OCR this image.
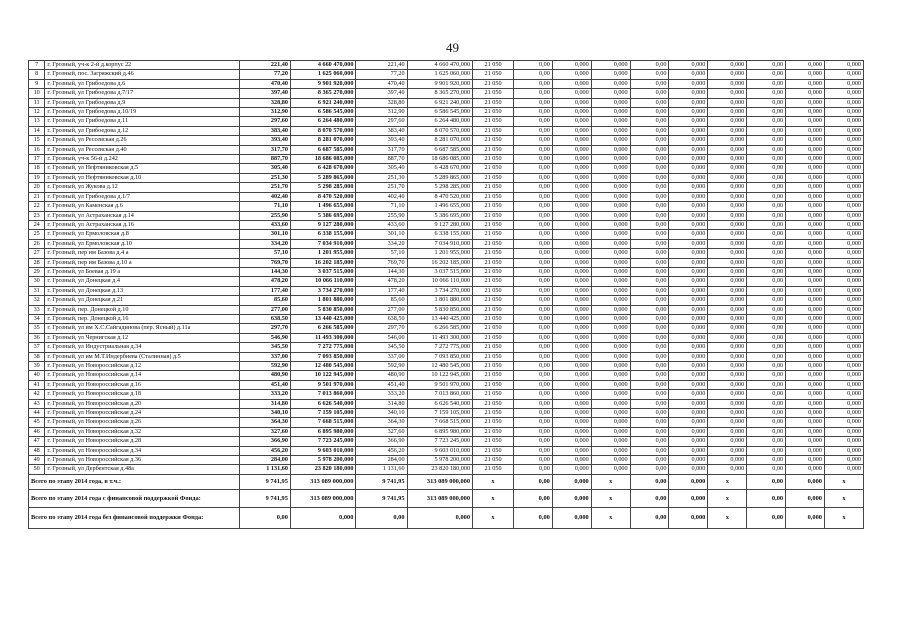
49
7	г. Грозный, уч-к 2-й д.корпус 22	221,40	4 660 470,000	221,40	4 660 470,000	21 050	0,00	0,000	0,000	0,00	0,000	0,000	0,00	0,000	0,000
8	г. Грозный, пос. Загряжский д.46	77,20	1 625 060,000	77,20	1 625 060,000	21 050	0,00	0,000	0,000	0,00	0,000	0,000	0,00	0,000	0,000
9	г. Грозный, ул Грибоедова д.6	470,40	9 901 920,000	470,40	9 901 920,000	21 050	0,00	0,000	0,000	0,00	0,000	0,000	0,00	0,000	0,000
10	г. Грозный, ул Грибоедова д.7/17	397,40	8 365 270,000	397,40	8 365 270,000	21 050	0,00	0,000	0,000	0,00	0,000	0,000	0,00	0,000	0,000
11	г. Грозный, ул Грибоедова д.9	328,80	6 921 240,000	328,80	6 921 240,000	21 050	0,00	0,000	0,000	0,00	0,000	0,000	0,00	0,000	0,000
12	г. Грозный, ул Грибоедова д.10/19	312,90	6 586 545,000	312,90	6 586 545,000	21 050	0,00	0,000	0,000	0,00	0,000	0,000	0,00	0,000	0,000
13	г. Грозный, ул Грибоедова д.11	297,60	6 264 480,000	297,60	6 264 480,000	21 050	0,00	0,000	0,000	0,00	0,000	0,000	0,00	0,000	0,000
14	г. Грозный, ул Грибоедова д.12	383,40	8 070 570,000	383,40	8 070 570,000	21 050	0,00	0,000	0,000	0,00	0,000	0,000	0,00	0,000	0,000
15	г. Грозный, ул Рессевская д.26	393,40	8 281 070,000	393,40	8 281 070,000	21 050	0,00	0,000	0,000	0,00	0,000	0,000	0,00	0,000	0,000
16	г. Грозный, ул Рессевская д.40	317,70	6 687 585,000	317,70	6 687 585,000	21 050	0,00	0,000	0,000	0,00	0,000	0,000	0,00	0,000	0,000
17	г. Грозный, уч-к 56-й д.242	887,70	18 686 085,000	887,70	18 686 085,000	21 050	0,00	0,000	0,000	0,00	0,000	0,000	0,00	0,000	0,000
18	г. Грозный, ул Нефтяниковская д.5	305,40	6 428 670,000	305,40	6 428 670,000	21 050	0,00	0,000	0,000	0,00	0,000	0,000	0,00	0,000	0,000
19	г. Грозный, ул Нефтяниковская д.10	251,30	5 289 865,000	251,30	5 289 865,000	21 050	0,00	0,000	0,000	0,00	0,000	0,000	0,00	0,000	0,000
20	г. Грозный, ул Жуковa д.12	251,70	5 298 285,000	251,70	5 298 285,000	21 050	0,00	0,000	0,000	0,00	0,000	0,000	0,00	0,000	0,000
21	г. Грозный, ул Грибоедова д.1/7	402,40	8 470 520,000	402,40	8 470 520,000	21 050	0,00	0,000	0,000	0,00	0,000	0,000	0,00	0,000	0,000
22	г. Грозный, ул Каменская д.6	71,10	1 496 655,000	71,10	1 496 655,000	21 050	0,00	0,000	0,000	0,00	0,000	0,000	0,00	0,000	0,000
23	г. Грозный, ул Астраханская д.14	255,90	5 386 695,000	255,90	5 386 695,000	21 050	0,00	0,000	0,000	0,00	0,000	0,000	0,00	0,000	0,000
24	г. Грозный, ул Астраханская д.16	433,60	9 127 280,000	433,60	9 127 280,000	21 050	0,00	0,000	0,000	0,00	0,000	0,000	0,00	0,000	0,000
25	г. Грозный, ул Ермоловская д.8	301,10	6 338 155,000	301,10	6 338 155,000	21 050	0,00	0,000	0,000	0,00	0,000	0,000	0,00	0,000	0,000
26	г. Грозный, ул Ермоловская д.10	334,20	7 034 910,000	334,20	7 034 910,000	21 050	0,00	0,000	0,000	0,00	0,000	0,000	0,00	0,000	0,000
27	г. Грозный, пер им Базова д.4 а	57,10	1 201 955,000	57,10	1 201 955,000	21 050	0,00	0,000	0,000	0,00	0,000	0,000	0,00	0,000	0,000
28	г. Грозный, пер им Базова д.10 а	769,70	16 202 185,000	769,70	16 202 185,000	21 050	0,00	0,000	0,000	0,00	0,000	0,000	0,00	0,000	0,000
29	г. Грозный, ул Боевая д.19 а	144,30	3 037 515,000	144,30	3 037 515,000	21 050	0,00	0,000	0,000	0,00	0,000	0,000	0,00	0,000	0,000
30	г. Грозный, ул Донецкая д.4	478,20	10 066 110,000	478,20	10 066 110,000	21 050	0,00	0,000	0,000	0,00	0,000	0,000	0,00	0,000	0,000
31	г. Грозный, ул Донецкая д.13	177,40	3 734 270,000	177,40	3 734 270,000	21 050	0,00	0,000	0,000	0,00	0,000	0,000	0,00	0,000	0,000
32	г. Грозный, ул Донецкая д.21	85,60	1 801 880,000	85,60	1 801 880,000	21 050	0,00	0,000	0,000	0,00	0,000	0,000	0,00	0,000	0,000
33	г. Грозный, пер. Донецкой д.10	277,00	5 830 850,000	277,00	5 830 850,000	21 050	0,00	0,000	0,000	0,00	0,000	0,000	0,00	0,000	0,000
34	г. Грозный, пер. Донецкой д.16	638,50	13 440 425,000	638,50	13 440 425,000	21 050	0,00	0,000	0,000	0,00	0,000	0,000	0,00	0,000	0,000
35	г. Грозный, ул им Х.С.Сайгадинова (пер. Ясный) д.11а	297,70	6 266 585,000	297,70	6 266 585,000	21 050	0,00	0,000	0,000	0,00	0,000	0,000	0,00	0,000	0,000
36	г. Грозный, ул Чернигская д.12	546,90	11 493 300,000	546,00	11 493 300,000	21 050	0,00	0,000	0,000	0,00	0,000	0,000	0,00	0,000	0,000
37	г. Грозный, ул Индустриальная д.34	345,50	7 272 775,000	345,50	7 272 775,000	21 050	0,00	0,000	0,000	0,00	0,000	0,000	0,00	0,000	0,000
38	г. Грозный, ул им М.Т.Индербиева (Сталинная) д.5	337,00	7 093 850,000	337,00	7 093 850,000	21 050	0,00	0,000	0,000	0,00	0,000	0,000	0,00	0,000	0,000
39	г. Грозный, ул Новороссийская д.12	592,90	12 480 545,000	592,90	12 480 545,000	21 050	0,00	0,000	0,000	0,00	0,000	0,000	0,00	0,000	0,000
40	г. Грозный, ул Новороссийская д.14	480,90	10 122 945,000	480,90	10 122 945,000	21 050	0,00	0,000	0,000	0,00	0,000	0,000	0,00	0,000	0,000
41	г. Грозный, ул Новороссийская д.16	451,40	9 501 970,000	451,40	9 501 970,000	21 050	0,00	0,000	0,000	0,00	0,000	0,000	0,00	0,000	0,000
42	г. Грозный, ул Новороссийская д.18	333,20	7 013 860,000	333,20	7 013 860,000	21 050	0,00	0,000	0,000	0,00	0,000	0,000	0,00	0,000	0,000
43	г. Грозный, ул Новороссийская д.20	314,80	6 626 540,000	314,80	6 626 540,000	21 050	0,00	0,000	0,000	0,00	0,000	0,000	0,00	0,000	0,000
44	г. Грозный, ул Новороссийская д.24	340,10	7 159 105,000	340,10	7 159 105,000	21 050	0,00	0,000	0,000	0,00	0,000	0,000	0,00	0,000	0,000
45	г. Грозный, ул Новороссийская д.26	364,30	7 668 515,000	364,30	7 668 515,000	21 050	0,00	0,000	0,000	0,00	0,000	0,000	0,00	0,000	0,000
46	г. Грозный, ул Новороссийская д.32	327,60	6 895 980,000	327,60	6 895 980,000	21 050	0,00	0,000	0,000	0,00	0,000	0,000	0,00	0,000	0,000
47	г. Грозный, ул Новороссийская д.28	366,90	7 723 245,000	366,90	7 723 245,000	21 050	0,00	0,000	0,000	0,00	0,000	0,000	0,00	0,000	0,000
48	г. Грозный, ул Новороссийская д.34	456,20	9 603 010,000	456,20	9 603 010,000	21 050	0,00	0,000	0,000	0,00	0,000	0,000	0,00	0,000	0,000
49	г. Грозный, ул Новороссийская д.36	284,00	5 978 200,000	284,00	5 978 200,000	21 050	0,00	0,000	0,000	0,00	0,000	0,000	0,00	0,000	0,000
50	г. Грозный, ул Дербентская д.48а	1 131,60	23 820 180,000	1 131,60	23 820 180,000	21 050	0,00	0,000	0,000	0,00	0,000	0,000	0,00	0,000	0,000
Всего по этапу 2014 года, в т.ч.:		9 741,95	313 089 000,000	9 741,95	313 089 000,000	x	0,00	0,000	x	0,00	0,000	x	0,00	0,000	x
Всего по этапу 2014 года с финансовой поддержкой Фонда:		9 741,95	313 089 000,000	9 741,95	313 089 000,000	x	0,00	0,000	x	0,00	0,000	x	0,00	0,000	x
Всего по этапу 2014 года без финансовой поддержки Фонда:		0,00	0,000	0,00	0,000	x	0,00	0,000	x	0,00	0,000	x	0,00	0,000	x
